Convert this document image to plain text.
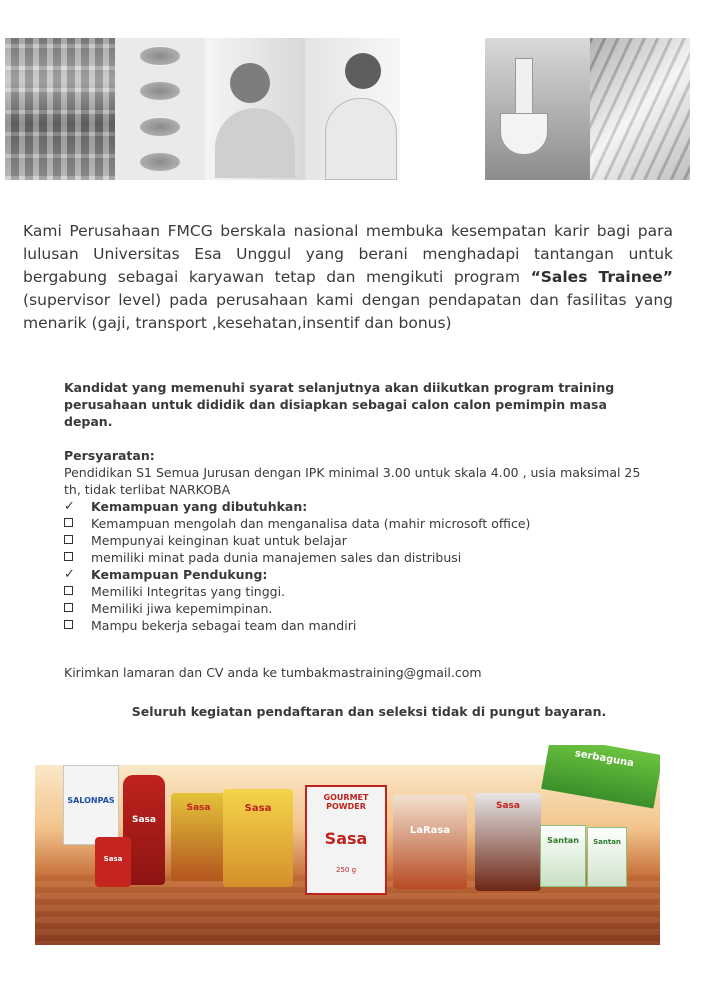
Kami Perusahaan FMCG berskala nasional membuka kesempatan karir bagi para lulusan Universitas Esa Unggul yang berani menghadapi tantangan untuk bergabung sebagai karyawan tetap dan mengikuti program “Sales Trainee” (supervisor level) pada perusahaan kami dengan pendapatan dan fasilitas yang menarik (gaji, transport ,kesehatan,insentif dan bonus)

Kandidat yang memenuhi syarat selanjutnya akan diikutkan program training perusahaan untuk dididik dan disiapkan sebagai calon calon pemimpin masa depan.

Persyaratan:

Pendidikan S1 Semua Jurusan dengan IPK minimal 3.00 untuk skala 4.00 , usia maksimal 25 th, tidak terlibat NARKOBA

✓	Kemampuan yang dibutuhkan:
Kemampuan mengolah dan menganalisa data (mahir microsoft office)
Mempunyai keinginan kuat untuk belajar
memiliki minat pada dunia manajemen sales dan distribusi
✓	Kemampuan Pendukung:
Memiliki Integritas yang tinggi.
Memiliki jiwa kepemimpinan.
Mampu bekerja sebagai team dan mandiri
Kirimkan lamaran dan CV anda ke tumbakmastraining@gmail.com
Seluruh kegiatan pendaftaran dan seleksi tidak di pungut bayaran.
serbaguna
SALONPAS
Sasa
Sasa
Sasa	Sasa
GOURMET POWDER
Sasa
250 g
LaRasa
Sasa
Santan	Santan
